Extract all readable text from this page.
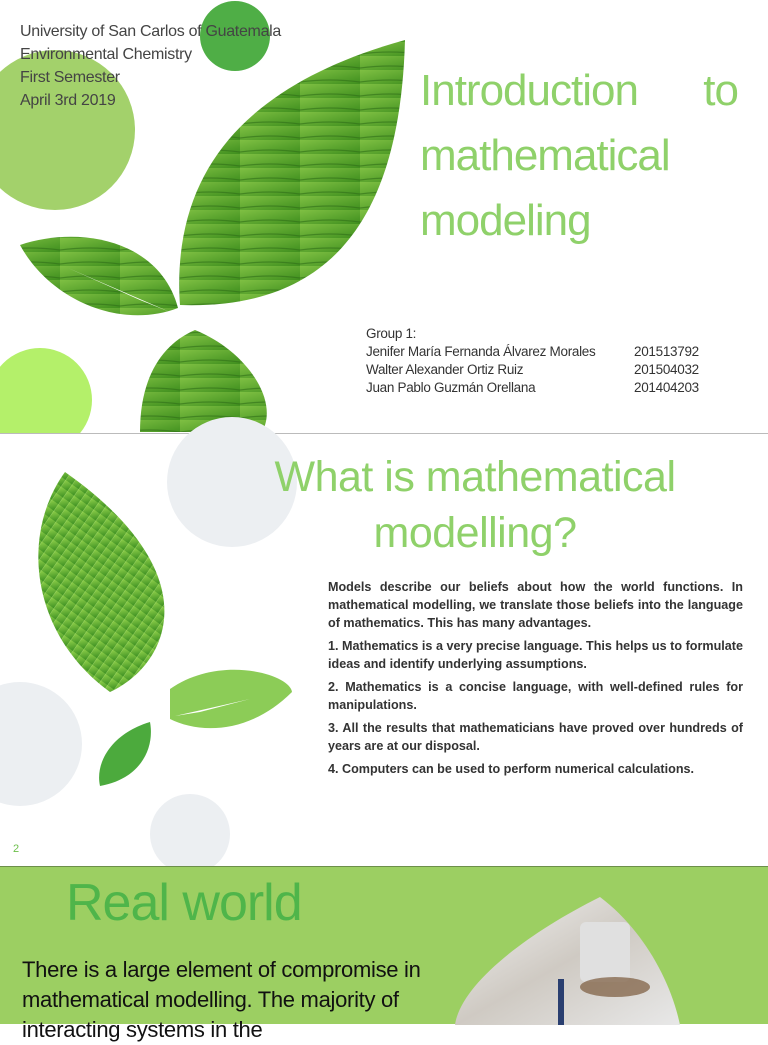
University of San Carlos of Guatemala
Environmental Chemistry
First Semester
April 3rd 2019	Introduction to
mathematical
modeling
Group 1:
Jenifer María Fernanda Álvarez Morales	201513792
Walter Alexander Ortiz Ruiz	201504032
Juan Pablo Guzmán Orellana	201404203
What is mathematical
modelling?

Models describe our beliefs about how the world functions. In mathematical modelling, we translate those beliefs into the language of mathematics. This has many advantages.

1. Mathematics is a very precise language. This helps us to formulate ideas and identify underlying assumptions.

2. Mathematics is a concise language, with well-defined rules for manipulations.

3. All the results that mathematicians have proved over hundreds of years are at our disposal.

4. Computers can be used to perform numerical calculations.

2
Real world
There is a large element of compromise in mathematical modelling. The majority of interacting systems in the
